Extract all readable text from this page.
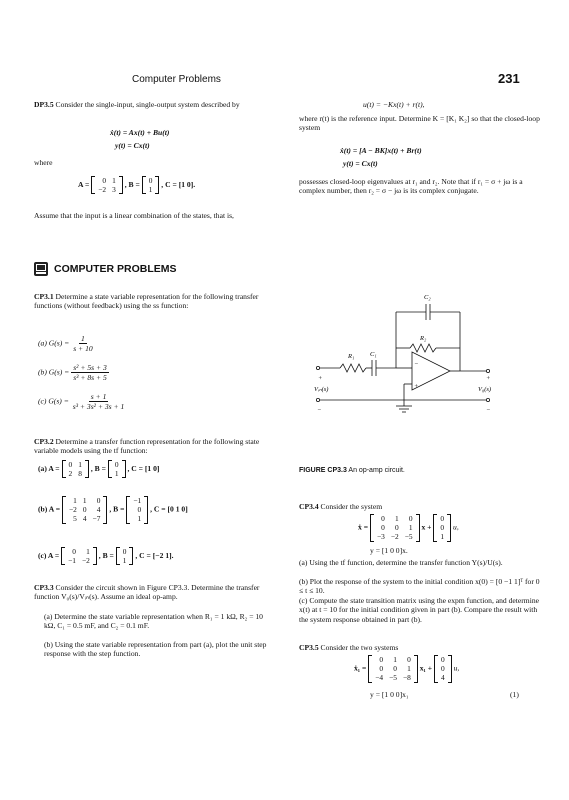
Computer Problems	231
DP3.5 Consider the single-input, single-output system described by
ẋ(t) = Ax(t) + Bu(t)
y(t) = Cx(t)
where
A = 0	1
−2	3
, B = 0
1
, C = [1 0].
Assume that the input is a linear combination of the states, that is,
u(t) = −Kx(t) + r(t),
where r(t) is the reference input. Determine K = [K₁ K₂] so that the closed-loop system
ẋ(t) = [A − BK]x(t) + Br(t)
y(t) = Cx(t)
possesses closed-loop eigenvalues at r₁ and r₂. Note that if r₁ = σ + jω is a complex number, then r₂ = σ − jω is its complex conjugate.
COMPUTER PROBLEMS
CP3.1 Determine a state variable representation for the following transfer functions (without feedback) using the ss function:
(a) $G(s) = \frac{1}{s + 10}$
(b) $G(s) = \frac{\text{s² + 5s + 3}}{\text{s³ + 8s + 5}}$
(c) $G(s) = \frac{s + 1}{\text{s³ + 3s² + 3s + 1}}$
CP3.2 Determine a transfer function representation for the following state variable models using the tf function:
(a) A = 0	1
2	8
, B = 0
1
, C = [1 0]
(b) A =
1	1	0
−2	0	4
5	4	−7
, B =
−1
0
1
, C = [0 1 0]
(c) A = 0	1
−1	−2
, B = 0
1
, C = [−2 1].
CP3.3 Consider the circuit shown in Figure CP3.3. Determine the transfer function V₀(s)/Vᵢₙ(s). Assume an ideal op-amp.
(a) Determine the state variable representation when R₁ = 1 kΩ, R₂ = 10 kΩ, C₁ = 0.5 mF, and C₂ = 0.1 mF.
(b) Using the state variable representation from part (a), plot the unit step response with the step function.
C₂
R₂
R₁ C₁
+
Vᵢₙ(s)
−
−
+
+
V₀(s)
−
FIGURE CP3.3 An op-amp circuit.
CP3.4 Consider the system
ẋ =
0	1	0
0	0	1
−3	−2	−5
x +
0
0
1
u,
y = [1 0 0]x.
(a) Using the tf function, determine the transfer function Y(s)/U(s).
(b) Plot the response of the system to the initial condition x(0) = [0 −1 1]ᵀ for 0 ≤ t ≤ 10.
(c) Compute the state transition matrix using the expm function, and determine x(t) at t = 10 for the initial condition given in part (b). Compare the result with the system response obtained in part (b).
CP3.5 Consider the two systems
ẋ₁ =
0	1	0
0	0	1
−4	−5	−8
x₁ +
0
0
4
u,
y = [1 0 0]x₁	(1)
